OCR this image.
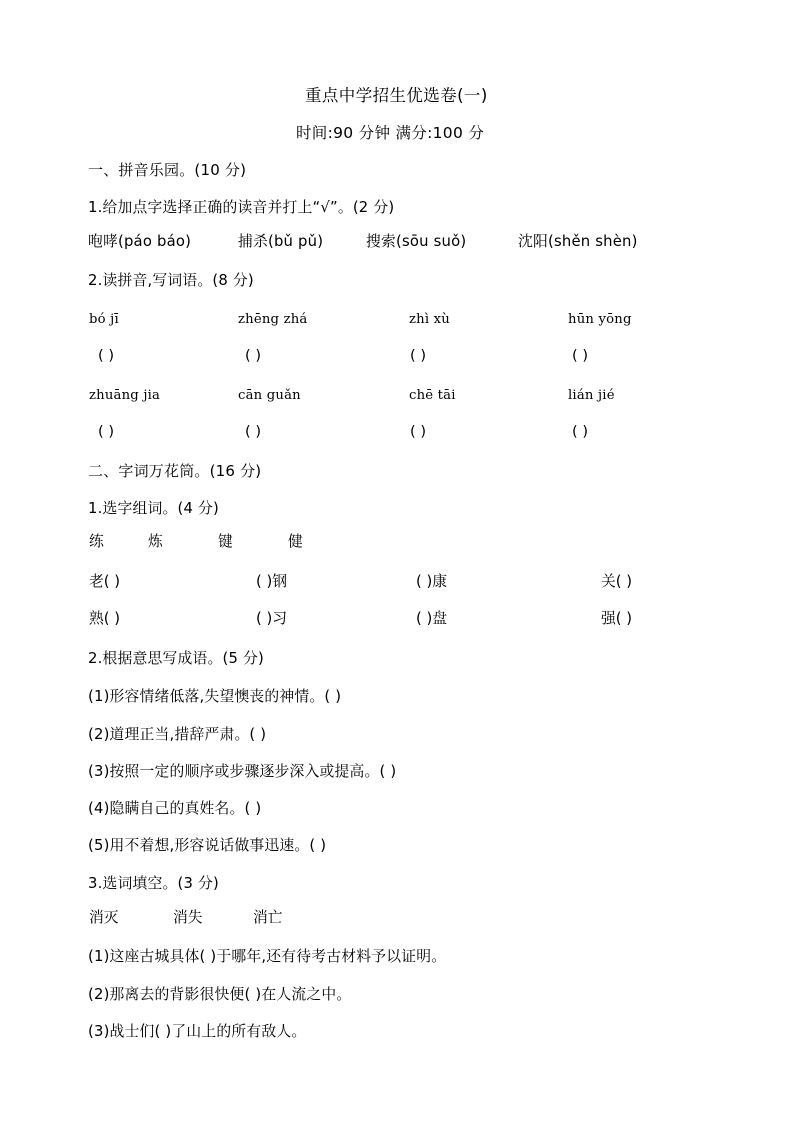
重点中学招生优选卷(一)
时间:90 分钟 满分:100 分
一、拼音乐园。(10 分)
1.给加点字选择正确的读音并打上“√”。(2 分)
咆哮(páo báo)	捕杀(bǔ pǔ)	搜索(sōu suǒ)	沈阳(shěn shèn)
2.读拼音,写词语。(8 分)
bó jī	zhēng zhá	zhì xù	hūn yōng
( )	( )	( )	( )
zhuāng jia	cān guǎn	chē tāi	lián jié
( )	( )	( )	( )
二、字词万花筒。(16 分)
1.选字组词。(4 分)
练	炼	键	健
老( )	( )钢	( )康	关( )
熟( )	( )习	( )盘	强( )
2.根据意思写成语。(5 分)
(1)形容情绪低落,失望懊丧的神情。( )
(2)道理正当,措辞严肃。( )
(3)按照一定的顺序或步骤逐步深入或提高。( )
(4)隐瞒自己的真姓名。( )
(5)用不着想,形容说话做事迅速。( )
3.选词填空。(3 分)
消灭	消失	消亡
(1)这座古城具体( )于哪年,还有待考古材料予以证明。
(2)那离去的背影很快便( )在人流之中。
(3)战士们( )了山上的所有敌人。
